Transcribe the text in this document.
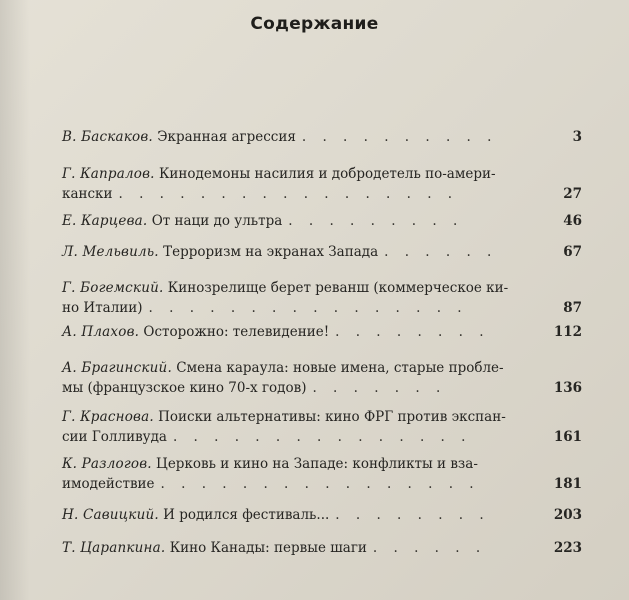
Содержание
В. Баскаков. Экранная агрессия . . . . . . . . . .	3
Г. Капралов. Кинодемоны насилия и добродетель по-амери-
кански . . . . . . . . . . . . . . . . .	27
Е. Карцева. От наци до ультра . . . . . . . . .	46
Л. Мельвиль. Терроризм на экранах Запада . . . . . .	67
Г. Богемский. Кинозрелище берет реванш (коммерческое ки-
но Италии) . . . . . . . . . . . . . . . .	87
А. Плахов. Осторожно: телевидение! . . . . . . . .	112
А. Брагинский. Смена караула: новые имена, старые пробле-
мы (французское кино 70-х годов) . . . . . . .	136
Г. Краснова. Поиски альтернативы: кино ФРГ против экспан-
сии Голливуда . . . . . . . . . . . . . . .	161
К. Разлогов. Церковь и кино на Западе: конфликты и вза-
имодействие . . . . . . . . . . . . . . . .	181
Н. Савицкий. И родился фестиваль... . . . . . . . .	203
Т. Царапкина. Кино Канады: первые шаги . . . . . .	223
